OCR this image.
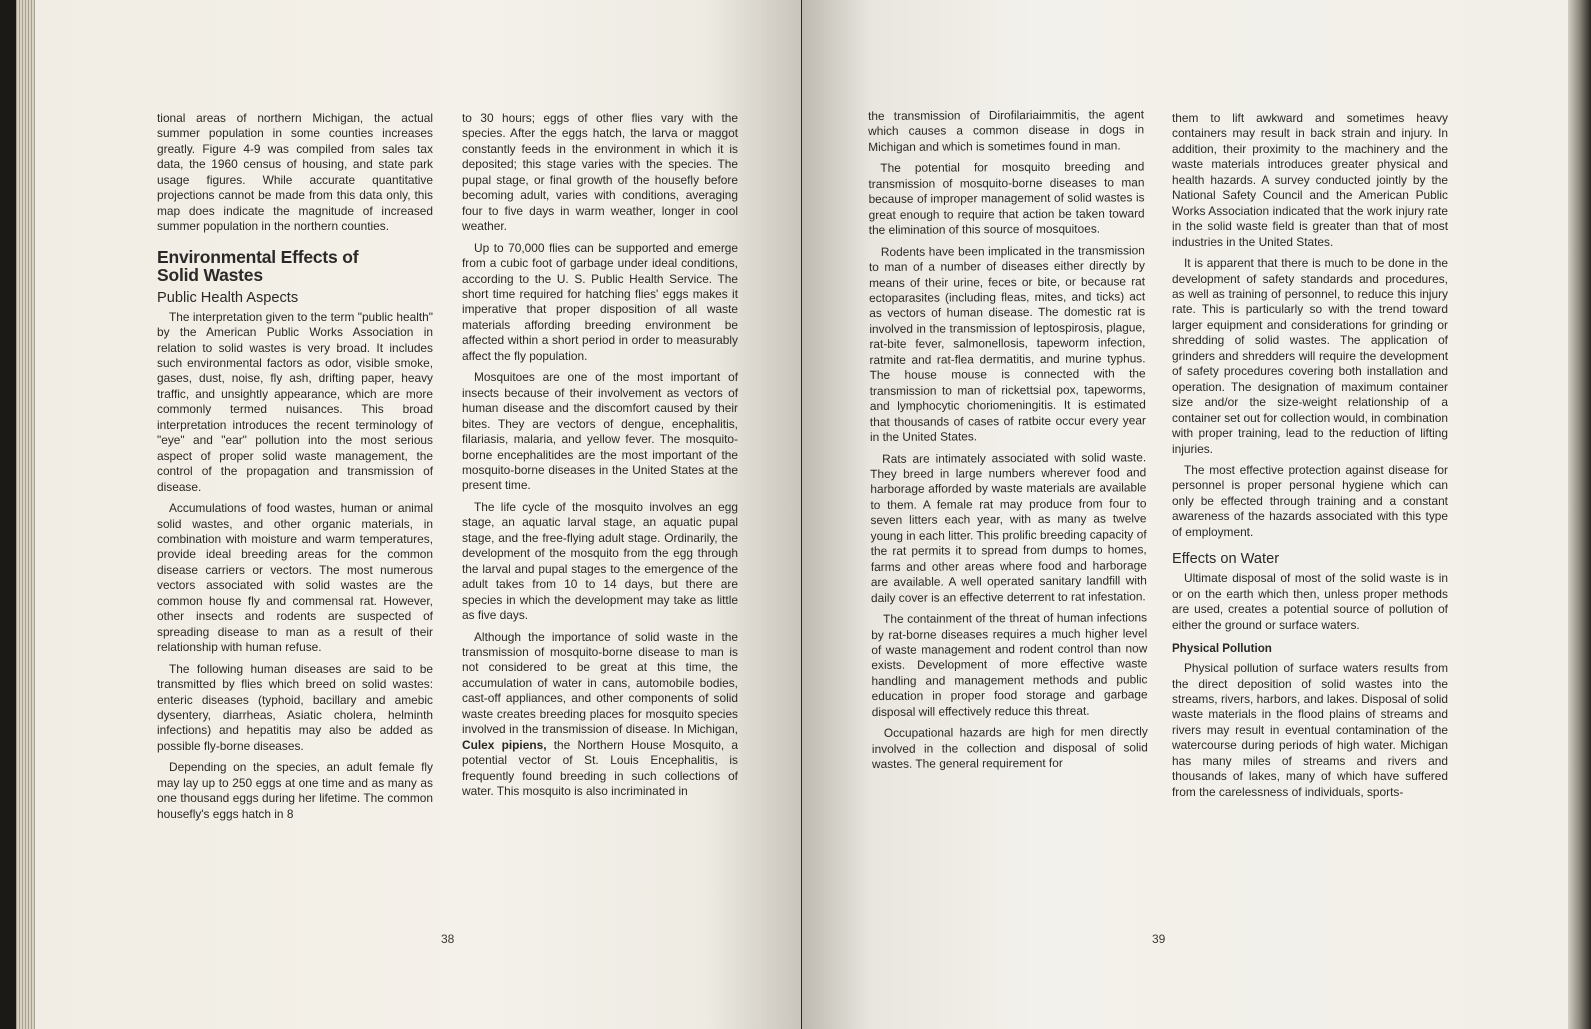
tional areas of northern Michigan, the actual summer population in some counties increases greatly. Figure 4-9 was compiled from sales tax data, the 1960 census of housing, and state park usage figures. While accurate quantitative projections cannot be made from this data only, this map does indicate the magnitude of increased summer population in the northern counties.

Environmental Effects of Solid Wastes
Public Health Aspects

The interpretation given to the term "public health" by the American Public Works Association in relation to solid wastes is very broad. It includes such environmental factors as odor, visible smoke, gases, dust, noise, fly ash, drifting paper, heavy traffic, and unsightly appearance, which are more commonly termed nuisances. This broad interpretation introduces the recent terminology of "eye" and "ear" pollution into the most serious aspect of proper solid waste management, the control of the propagation and transmission of disease.

Accumulations of food wastes, human or animal solid wastes, and other organic materials, in combination with moisture and warm temperatures, provide ideal breeding areas for the common disease carriers or vectors. The most numerous vectors associated with solid wastes are the common house fly and commensal rat. However, other insects and rodents are suspected of spreading disease to man as a result of their relationship with human refuse.

The following human diseases are said to be transmitted by flies which breed on solid wastes: enteric diseases (typhoid, bacillary and amebic dysentery, diarrheas, Asiatic cholera, helminth infections) and hepatitis may also be added as possible fly-borne diseases.

Depending on the species, an adult female fly may lay up to 250 eggs at one time and as many as one thousand eggs during her lifetime. The common housefly's eggs hatch in 8

to 30 hours; eggs of other flies vary with the species. After the eggs hatch, the larva or maggot constantly feeds in the environment in which it is deposited; this stage varies with the species. The pupal stage, or final growth of the housefly before becoming adult, varies with conditions, averaging four to five days in warm weather, longer in cool weather.

Up to 70,000 flies can be supported and emerge from a cubic foot of garbage under ideal conditions, according to the U. S. Public Health Service. The short time required for hatching flies' eggs makes it imperative that proper disposition of all waste materials affording breeding environment be affected within a short period in order to measurably affect the fly population.

Mosquitoes are one of the most important of insects because of their involvement as vectors of human disease and the discomfort caused by their bites. They are vectors of dengue, encephalitis, filariasis, malaria, and yellow fever. The mosquito-borne encephalitides are the most important of the mosquito-borne diseases in the United States at the present time.

The life cycle of the mosquito involves an egg stage, an aquatic larval stage, an aquatic pupal stage, and the free-flying adult stage. Ordinarily, the development of the mosquito from the egg through the larval and pupal stages to the emergence of the adult takes from 10 to 14 days, but there are species in which the development may take as little as five days.

Although the importance of solid waste in the transmission of mosquito-borne disease to man is not considered to be great at this time, the accumulation of water in cans, automobile bodies, cast-off appliances, and other components of solid waste creates breeding places for mosquito species involved in the transmission of disease. In Michigan, Culex pipiens, the Northern House Mosquito, a potential vector of St. Louis Encephalitis, is frequently found breeding in such collections of water. This mosquito is also incriminated in

38

the transmission of Dirofilariaimmitis, the agent which causes a common disease in dogs in Michigan and which is sometimes found in man.

The potential for mosquito breeding and transmission of mosquito-borne diseases to man because of improper management of solid wastes is great enough to require that action be taken toward the elimination of this source of mosquitoes.

Rodents have been implicated in the transmission to man of a number of diseases either directly by means of their urine, feces or bite, or because rat ectoparasites (including fleas, mites, and ticks) act as vectors of human disease. The domestic rat is involved in the transmission of leptospirosis, plague, rat-bite fever, salmonellosis, tapeworm infection, ratmite and rat-flea dermatitis, and murine typhus. The house mouse is connected with the transmission to man of rickettsial pox, tapeworms, and lymphocytic choriomeningitis. It is estimated that thousands of cases of ratbite occur every year in the United States.

Rats are intimately associated with solid waste. They breed in large numbers wherever food and harborage afforded by waste materials are available to them. A female rat may produce from four to seven litters each year, with as many as twelve young in each litter. This prolific breeding capacity of the rat permits it to spread from dumps to homes, farms and other areas where food and harborage are available. A well operated sanitary landfill with daily cover is an effective deterrent to rat infestation.

The containment of the threat of human infections by rat-borne diseases requires a much higher level of waste management and rodent control than now exists. Development of more effective waste handling and management methods and public education in proper food storage and garbage disposal will effectively reduce this threat.

Occupational hazards are high for men directly involved in the collection and disposal of solid wastes. The general requirement for

them to lift awkward and sometimes heavy containers may result in back strain and injury. In addition, their proximity to the machinery and the waste materials introduces greater physical and health hazards. A survey conducted jointly by the National Safety Council and the American Public Works Association indicated that the work injury rate in the solid waste field is greater than that of most industries in the United States.

It is apparent that there is much to be done in the development of safety standards and procedures, as well as training of personnel, to reduce this injury rate. This is particularly so with the trend toward larger equipment and considerations for grinding or shredding of solid wastes. The application of grinders and shredders will require the development of safety procedures covering both installation and operation. The designation of maximum container size and/or the size-weight relationship of a container set out for collection would, in combination with proper training, lead to the reduction of lifting injuries.

The most effective protection against disease for personnel is proper personal hygiene which can only be effected through training and a constant awareness of the hazards associated with this type of employment.

Effects on Water

Ultimate disposal of most of the solid waste is in or on the earth which then, unless proper methods are used, creates a potential source of pollution of either the ground or surface waters.

Physical Pollution

Physical pollution of surface waters results from the direct deposition of solid wastes into the streams, rivers, harbors, and lakes. Disposal of solid waste materials in the flood plains of streams and rivers may result in eventual contamination of the watercourse during periods of high water. Michigan has many miles of streams and rivers and thousands of lakes, many of which have suffered from the carelessness of individuals, sports-

39
